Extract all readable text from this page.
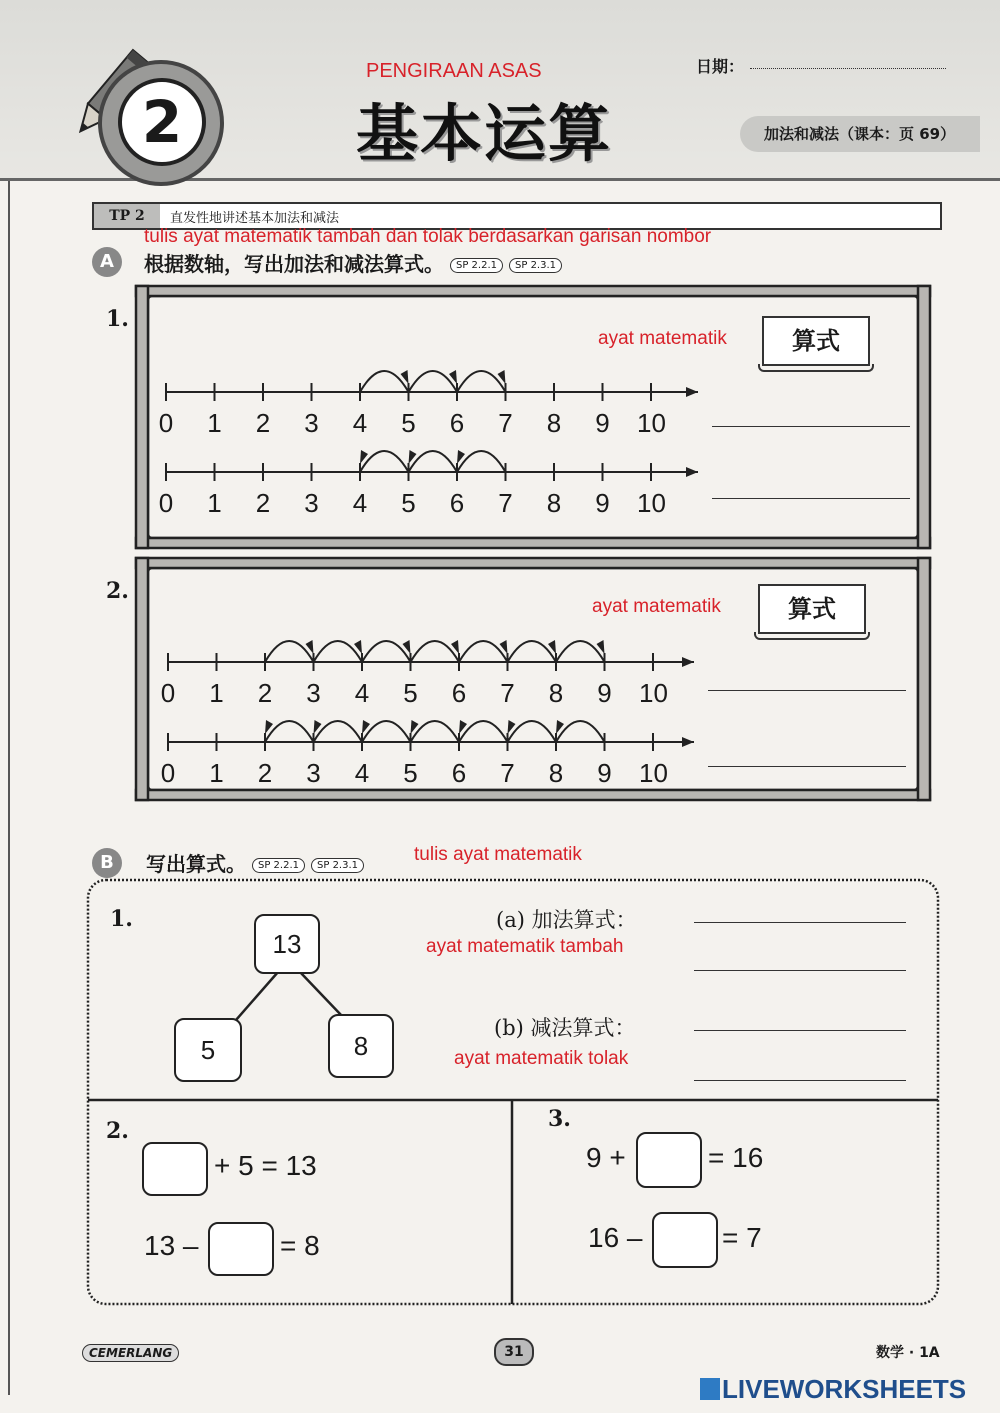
2
PENGIRAAN ASAS
基本运算
日期：
加法和减法（课本：页 69）
TP 2	直发性地讲述基本加法和减法
tulis ayat matematik tambah dan tolak berdasarkan garisan nombor
A	根据数轴，写出加法和减法算式。 SP 2.2.1 SP 2.3.1
1.
2.
ayat matematik	算式
ayat matematik	算式
0 1 2 3 4 5 6 7 8 9 10
0 1 2 3 4 5 6 7 8 9 10
0 1 2 3 4 5 6 7 8 9 10
0 1 2 3 4 5 6 7 8 9 10
B	写出算式。 SP 2.2.1 SP 2.3.1
tulis ayat matematik
1.
13
5	8
(a) 加法算式：
ayat matematik tambah
(b) 减法算式：
ayat matematik tolak
2.
+ 5 = 13
13 –	= 8
3.
9 +	= 16
16 –	= 7
CEMERLANG	31	数学 · 1A
LIVEWORKSHEETS
